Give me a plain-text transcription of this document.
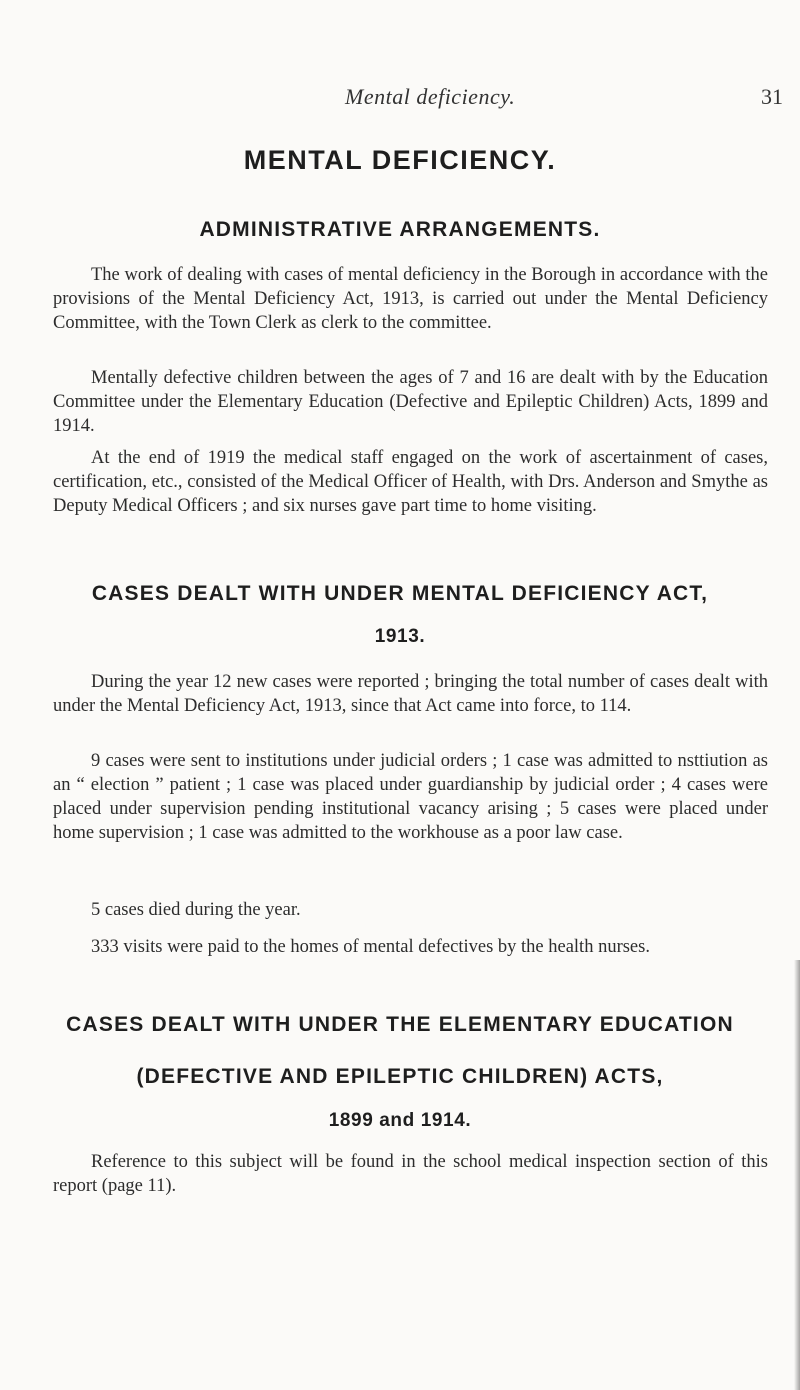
Mental deficiency.	31
MENTAL DEFICIENCY.
ADMINISTRATIVE ARRANGEMENTS.

The work of dealing with cases of mental deficiency in the Borough in accordance with the provisions of the Mental Deficiency Act, 1913, is carried out under the Mental Deficiency Committee, with the Town Clerk as clerk to the committee.

Mentally defective children between the ages of 7 and 16 are dealt with by the Education Committee under the Elementary Education (Defective and Epileptic Children) Acts, 1899 and 1914.

At the end of 1919 the medical staff engaged on the work of ascertainment of cases, certification, etc., consisted of the Medical Officer of Health, with Drs. Anderson and Smythe as Deputy Medical Officers ; and six nurses gave part time to home visiting.

CASES DEALT WITH UNDER MENTAL DEFICIENCY ACT,
1913.

During the year 12 new cases were reported ; bringing the total number of cases dealt with under the Mental Deficiency Act, 1913, since that Act came into force, to 114.

9 cases were sent to institutions under judicial orders ; 1 case was admitted to nsttiution as an “ election ” patient ; 1 case was placed under guardianship by judicial order ; 4 cases were placed under supervision pending institutional vacancy arising ; 5 cases were placed under home supervision ; 1 case was admitted to the workhouse as a poor law case.

5 cases died during the year.

333 visits were paid to the homes of mental defectives by the health nurses.

CASES DEALT WITH UNDER THE ELEMENTARY EDUCATION
(DEFECTIVE AND EPILEPTIC CHILDREN) ACTS,
1899 and 1914.

Reference to this subject will be found in the school medical inspection section of this report (page 11).
